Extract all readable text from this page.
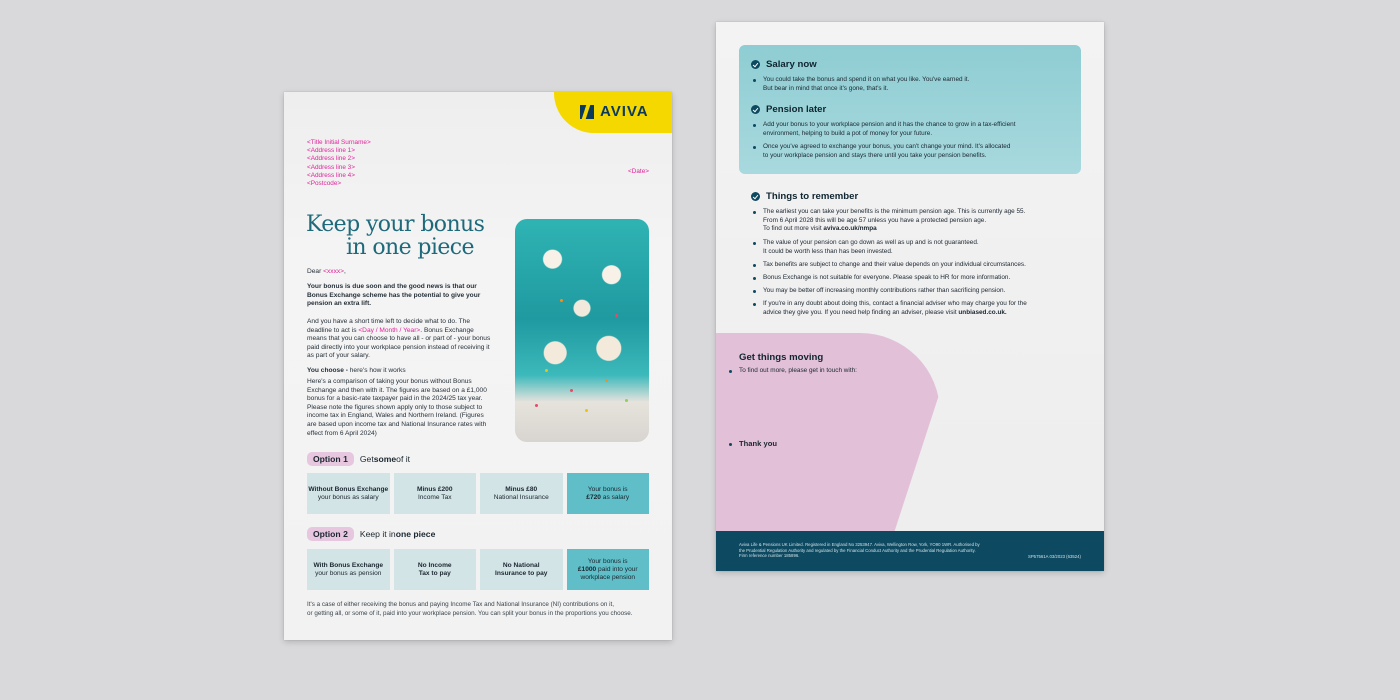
AVIVA
<Title Initial Surname>
<Address line 1>
<Address line 2>
<Address line 3>
<Address line 4>
<Postcode>
<Date>
Keep your bonus
in one piece
Dear <xxxx>,
Your bonus is due soon and the good news is that our Bonus Exchange scheme has the potential to give your pension an extra lift.
And you have a short time left to decide what to do. The deadline to act is <Day / Month / Year>. Bonus Exchange means that you can choose to have all - or part of - your bonus paid directly into your workplace pension instead of receiving it as part of your salary.
You choose - here's how it works
Here's a comparison of taking your bonus without Bonus Exchange and then with it. The figures are based on a £1,000 bonus for a basic-rate taxpayer paid in the 2024/25 tax year. Please note the figures shown apply only to those subject to income tax in England, Wales and Northern Ireland. (Figures are based upon income tax and National Insurance rates with effect from 6 April 2024)
Option 1	Get some of it
Without Bonus Exchange
your bonus as salary
Minus £200
Income Tax
Minus £80
National Insurance
Your bonus is
£720 as salary
Option 2	Keep it in one piece
With Bonus Exchange
your bonus as pension
No Income
Tax to pay
No National
Insurance to pay
Your bonus is
£1000 paid into your
workplace pension
It's a case of either receiving the bonus and paying Income Tax and National Insurance (NI) contributions on it,
or getting all, or some of it, paid into your workplace pension. You can split your bonus in the proportions you choose.
Salary now
You could take the bonus and spend it on what you like. You've earned it.
But bear in mind that once it's gone, that's it.
Pension later
Add your bonus to your workplace pension and it has the chance to grow in a tax-efficient
environment, helping to build a pot of money for your future.
Once you've agreed to exchange your bonus, you can't change your mind. It's allocated
to your workplace pension and stays there until you take your pension benefits.
Things to remember
The earliest you can take your benefits is the minimum pension age. This is currently age 55.
From 6 April 2028 this will be age 57 unless you have a protected pension age.
To find out more visit aviva.co.uk/nmpa
The value of your pension can go down as well as up and is not guaranteed.
It could be worth less than has been invested.
Tax benefits are subject to change and their value depends on your individual circumstances.
Bonus Exchange is not suitable for everyone. Please speak to HR for more information.
You may be better off increasing monthly contributions rather than sacrificing pension.
If you're in any doubt about doing this, contact a financial adviser who may charge you for the
advice they give you. If you need help finding an adviser, please visit unbiased.co.uk.
Get things moving
To find out more, please get in touch with:
Thank you
Aviva Life & Pensions UK Limited. Registered in England No 3253947. Aviva, Wellington Row, York, YO90 1WR. Authorised by
the Prudential Regulation Authority and regulated by the Financial Conduct Authority and the Prudential Regulation Authority.
Firm reference number 185896.	SP57561A 03/2023 (63524)
